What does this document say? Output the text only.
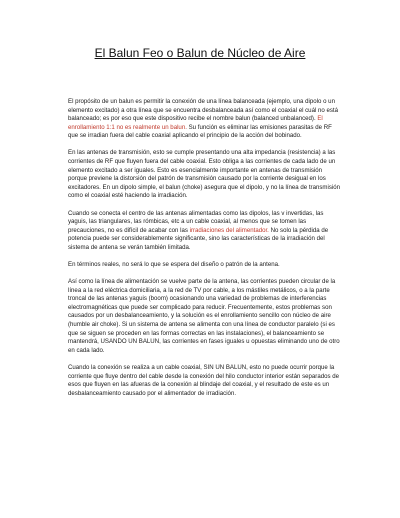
El Balun Feo o Balun de Núcleo de Aire

El propósito de un balun es permitir la conexión de una línea balanceada (ejemplo, una dipolo o un elemento excitado) a otra línea que se encuentra desbalanceada así como el coaxial el cuál no está balanceado; es por eso que este dispositivo recibe el nombre balun (balanced unbalanced). El enrollamiento 1:1 no es realmente un balun. Su función es eliminar las emisiones parasitas de RF que se irradian fuera del cable coaxial aplicando el principio de la acción del bobinado.

En las antenas de transmisión, esto se cumple presentando una alta impedancia (resistencia) a las corrientes de RF que fluyen fuera del cable coaxial. Esto obliga a las corrientes de cada lado de un elemento excitado a ser iguales. Esto es esencialmente importante en antenas de transmisión porque previene la distorsión del patrón de transmisión causado por la corriente desigual en los excitadores. En un dipolo simple, el balun (choke) asegura que el dipolo, y no la línea de transmisión como el coaxial esté haciendo la irradiación.

Cuando se conecta el centro de las antenas alimentadas como las dipolos, las v invertidas, las yaguis, las triangulares, las rómbicas, etc a un cable coaxial, al menos que se tomen las precauciones, no es difícil de acabar con las irradiaciones del alimentador. No solo la pérdida de potencia puede ser considerablemente significante, sino las características de la irradiación del sistema de antena se verán también limitada.

En términos reales, no será lo que se espera del diseño o patrón de la antena.

Así como la línea de alimentación se vuelve parte de la antena, las corrientes pueden circular de la línea a la red eléctrica domiciliaria, a la red de TV por cable, a los mástiles metálicos, o a la parte troncal de las antenas yaguis (boom) ocasionando una variedad de problemas de interferencias electromagnéticas que puede ser complicado para reducir. Frecuentemente, estos problemas son causados por un desbalanceamiento, y la solución es el enrollamiento sencillo con núcleo de aire (humble air choke). Si un sistema de antena se alimenta con una línea de conductor paralelo (si es que se siguen se proceden en las formas correctas en las instalaciones), el balanceamiento se mantendrá, USANDO UN BALUN, las corrientes en fases iguales u opuestas eliminando uno de otro en cada lado.

Cuando la conexión se realiza a un cable coaxial, SIN UN BALUN, esto no puede ocurrir porque la corriente que fluye dentro del cable desde la conexión del hilo conductor interior están separados de esos que fluyen en las afueras de la conexión al blindaje del coaxial, y el resultado de este es un desbalanceamiento causado por el alimentador de irradiación.
